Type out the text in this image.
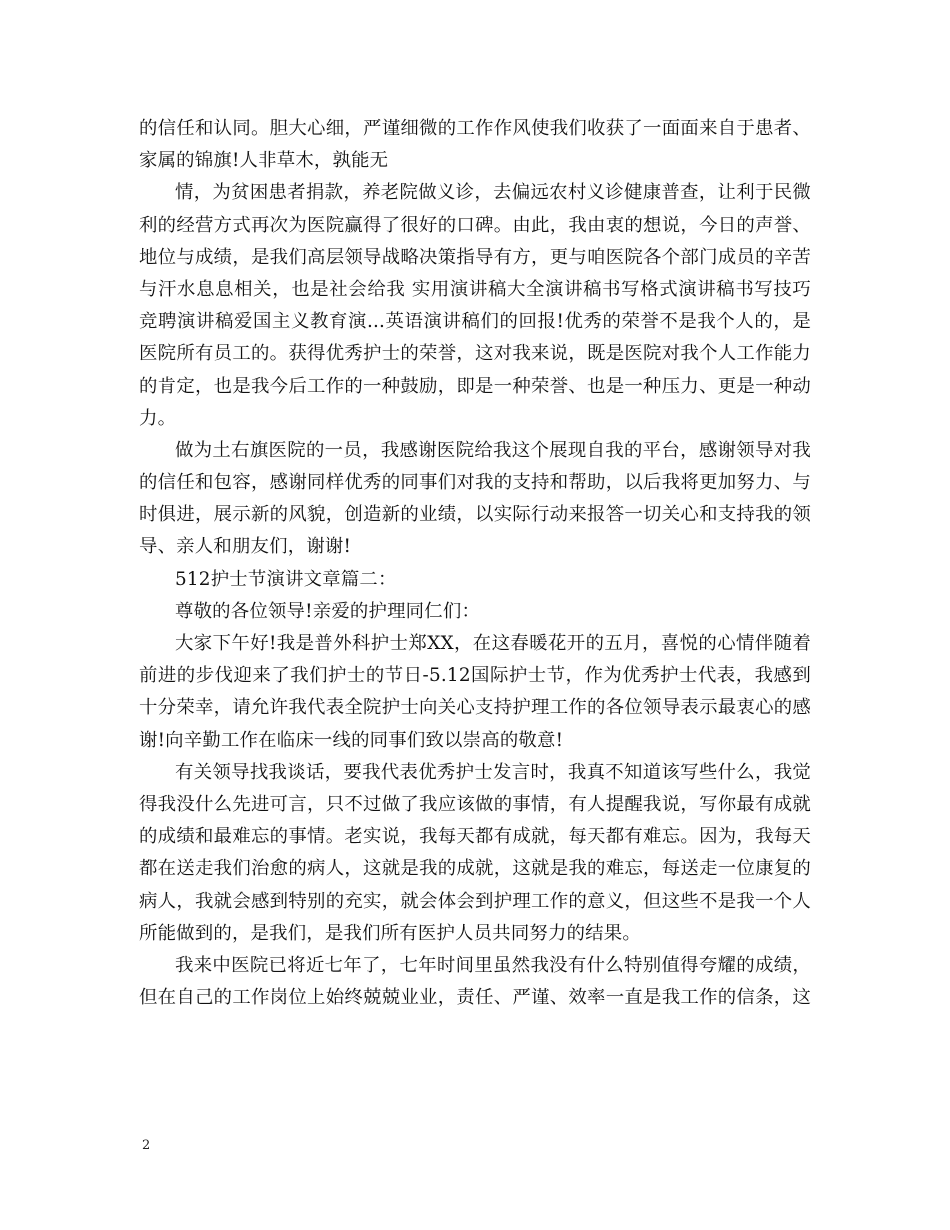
的信任和认同。胆大心细，严谨细微的工作作风使我们收获了一面面来自于患者、
家属的锦旗!人非草木，孰能无
情，为贫困患者捐款，养老院做义诊，去偏远农村义诊健康普查，让利于民微
利的经营方式再次为医院赢得了很好的口碑。由此，我由衷的想说，今日的声誉、
地位与成绩，是我们高层领导战略决策指导有方，更与咱医院各个部门成员的辛苦
与汗水息息相关，也是社会给我 实用演讲稿大全演讲稿书写格式演讲稿书写技巧
竞聘演讲稿爱国主义教育演...英语演讲稿们的回报!优秀的荣誉不是我个人的，是
医院所有员工的。获得优秀护士的荣誉，这对我来说，既是医院对我个人工作能力
的肯定，也是我今后工作的一种鼓励，即是一种荣誉、也是一种压力、更是一种动
力。
做为土右旗医院的一员，我感谢医院给我这个展现自我的平台，感谢领导对我
的信任和包容，感谢同样优秀的同事们对我的支持和帮助，以后我将更加努力、与
时俱进，展示新的风貌，创造新的业绩，以实际行动来报答一切关心和支持我的领
导、亲人和朋友们，谢谢!
512护士节演讲文章篇二：
尊敬的各位领导!亲爱的护理同仁们：
大家下午好!我是普外科护士郑XX，在这春暖花开的五月，喜悦的心情伴随着
前进的步伐迎来了我们护士的节日-5.12国际护士节，作为优秀护士代表，我感到
十分荣幸，请允许我代表全院护士向关心支持护理工作的各位领导表示最衷心的感
谢!向辛勤工作在临床一线的同事们致以崇高的敬意!
有关领导找我谈话，要我代表优秀护士发言时，我真不知道该写些什么，我觉
得我没什么先进可言，只不过做了我应该做的事情，有人提醒我说，写你最有成就
的成绩和最难忘的事情。老实说，我每天都有成就，每天都有难忘。因为，我每天
都在送走我们治愈的病人，这就是我的成就，这就是我的难忘，每送走一位康复的
病人，我就会感到特别的充实，就会体会到护理工作的意义，但这些不是我一个人
所能做到的，是我们，是我们所有医护人员共同努力的结果。
我来中医院已将近七年了，七年时间里虽然我没有什么特别值得夸耀的成绩，
但在自己的工作岗位上始终兢兢业业，责任、严谨、效率一直是我工作的信条，这
2
